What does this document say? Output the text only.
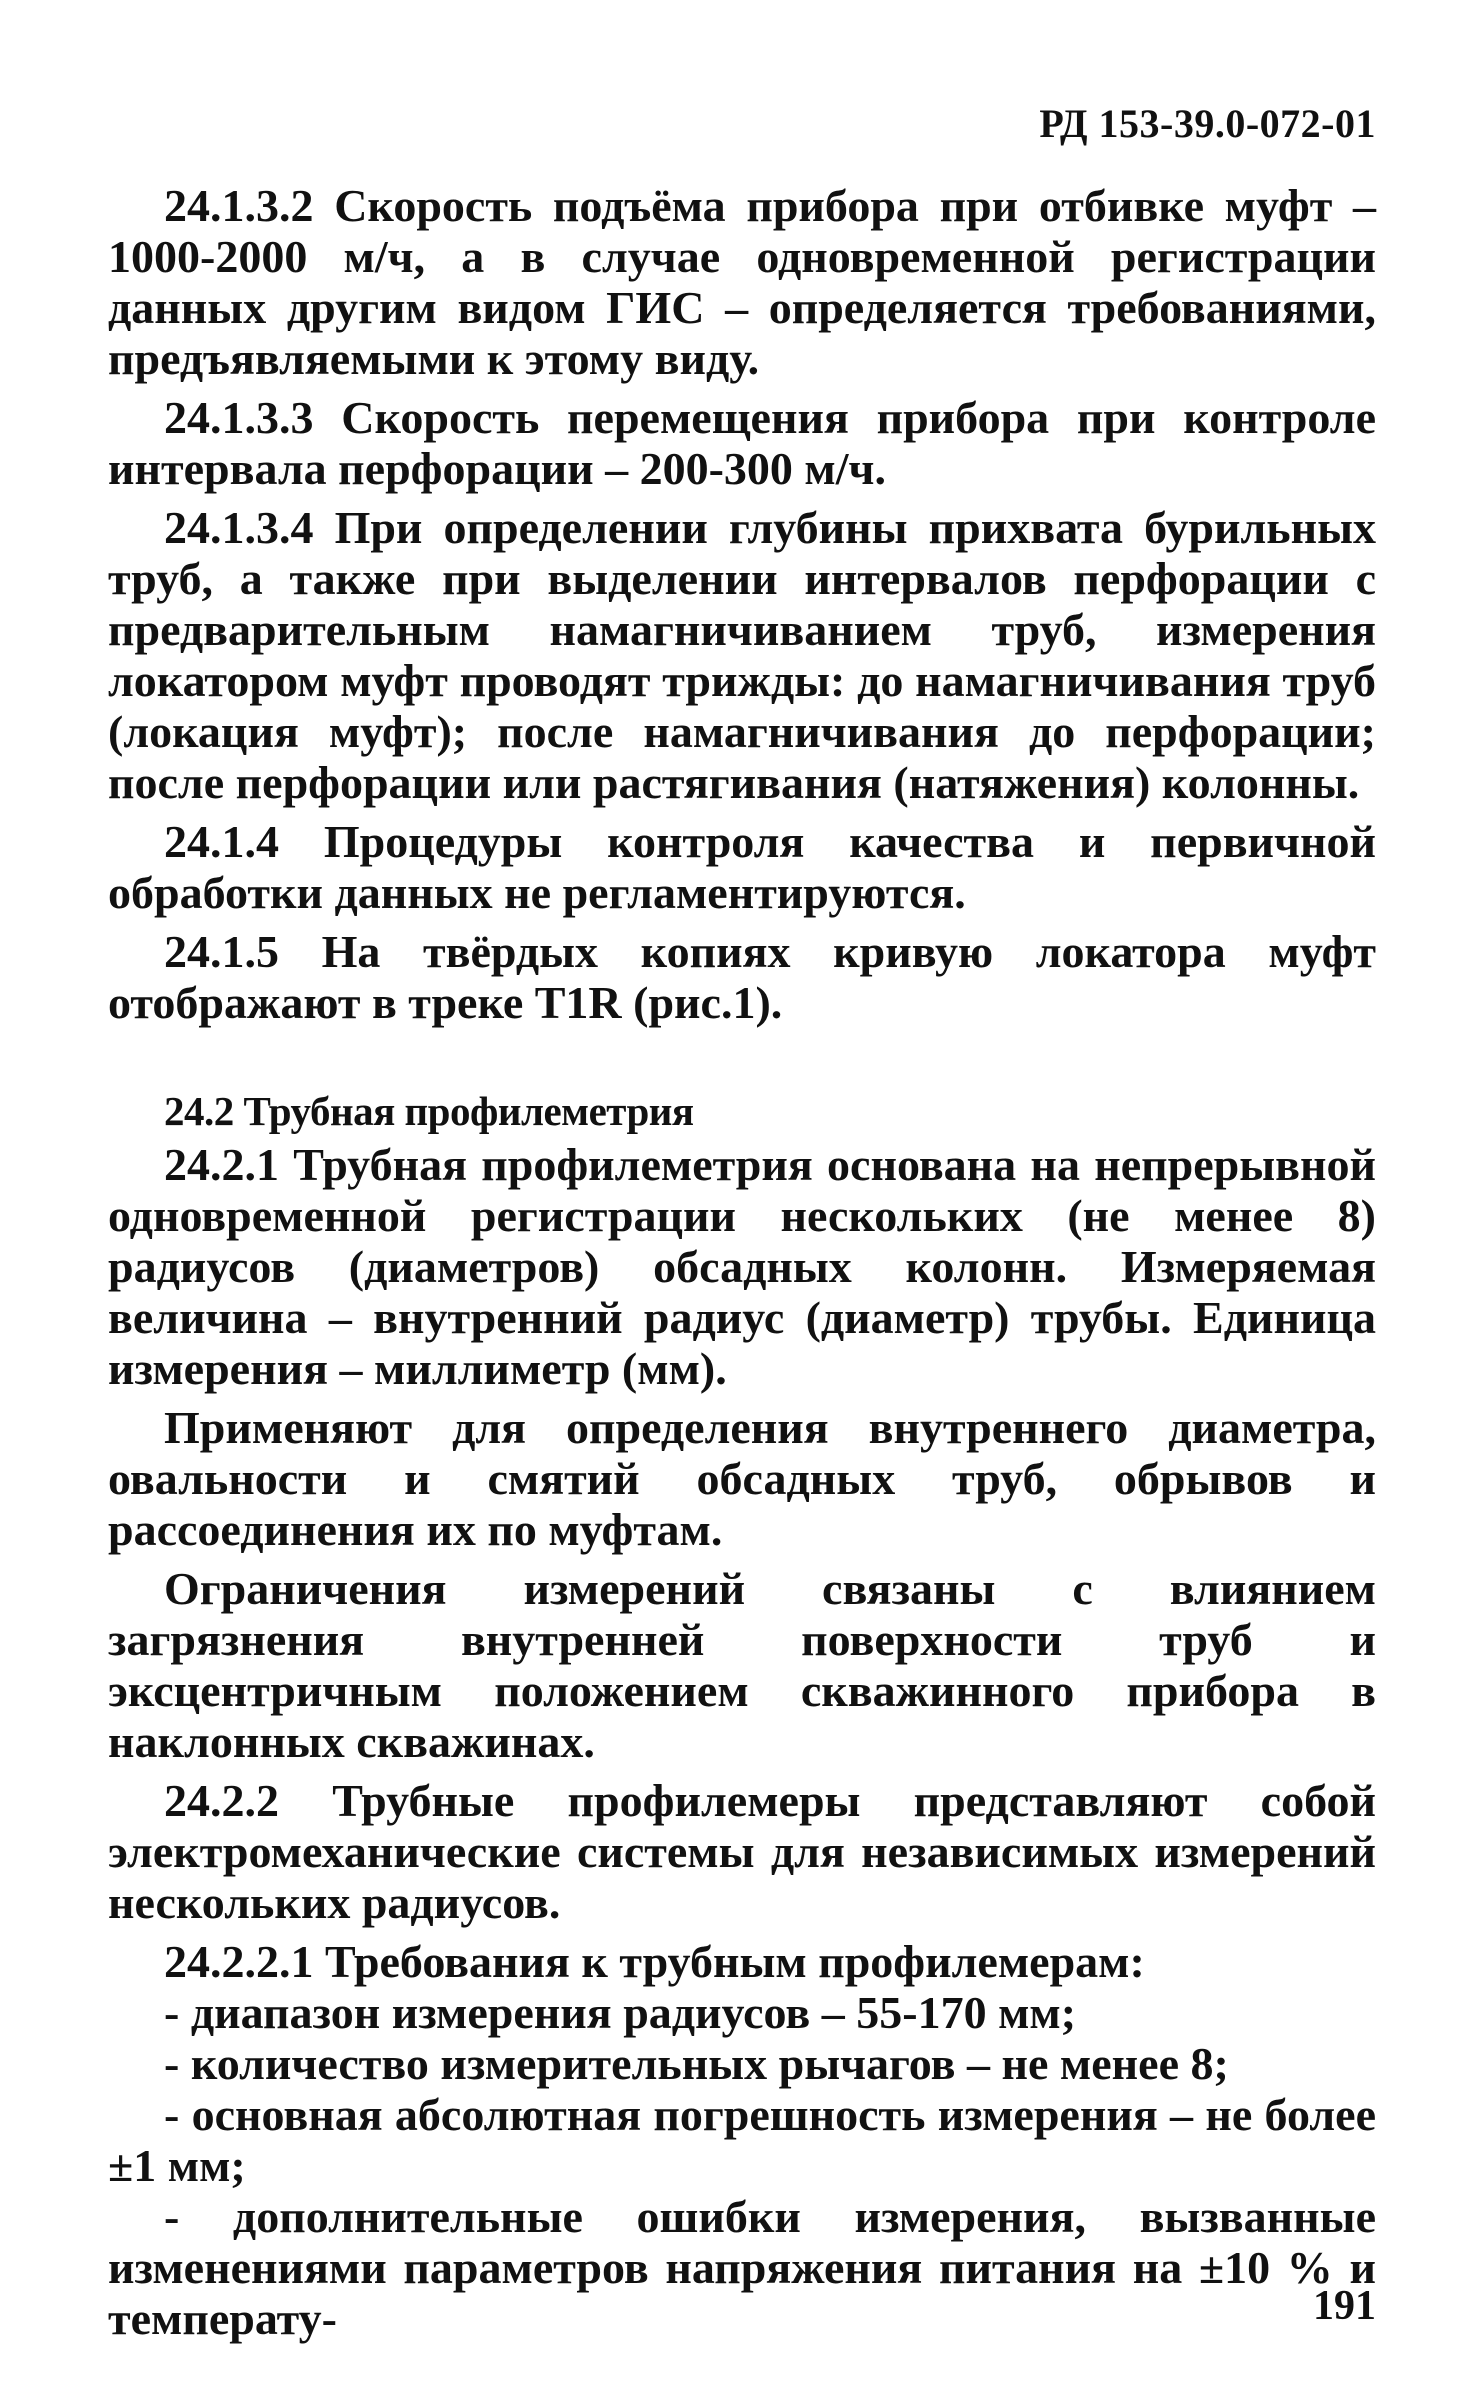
РД 153-39.0-072-01

24.1.3.2 Скорость подъёма прибора при отбивке муфт – 1000-2000 м/ч, а в случае одновременной регистрации данных другим видом ГИС – определяется требованиями, предъявляемыми к этому виду.

24.1.3.3 Скорость перемещения прибора при контроле интервала перфорации – 200-300 м/ч.

24.1.3.4 При определении глубины прихвата бурильных труб, а также при выделении интервалов перфорации с предварительным намагничиванием труб, измерения локатором муфт проводят трижды: до намагничивания труб (локация муфт); после намагничивания до перфорации; после перфорации или растягивания (натяжения) колонны.

24.1.4 Процедуры контроля качества и первичной обработки данных не регламентируются.

24.1.5 На твёрдых копиях кривую локатора муфт отображают в треке T1R (рис.1).

24.2 Трубная профилеметрия

24.2.1 Трубная профилеметрия основана на непрерывной одновременной регистрации нескольких (не менее 8) радиусов (диаметров) обсадных колонн. Измеряемая величина – внутренний радиус (диаметр) трубы. Единица измерения – миллиметр (мм).

Применяют для определения внутреннего диаметра, овальности и смятий обсадных труб, обрывов и рассоединения их по муфтам.

Ограничения измерений связаны с влиянием загрязнения внутренней поверхности труб и эксцентричным положением скважинного прибора в наклонных скважинах.

24.2.2 Трубные профилемеры представляют собой электромеханические системы для независимых измерений нескольких радиусов.

24.2.2.1 Требования к трубным профилемерам:

- диапазон измерения радиусов – 55-170 мм;

- количество измерительных рычагов – не менее 8;

- основная абсолютная погрешность измерения – не более ±1 мм;

- дополнительные ошибки измерения, вызванные изменениями параметров напряжения питания на ±10 % и температу-	191
